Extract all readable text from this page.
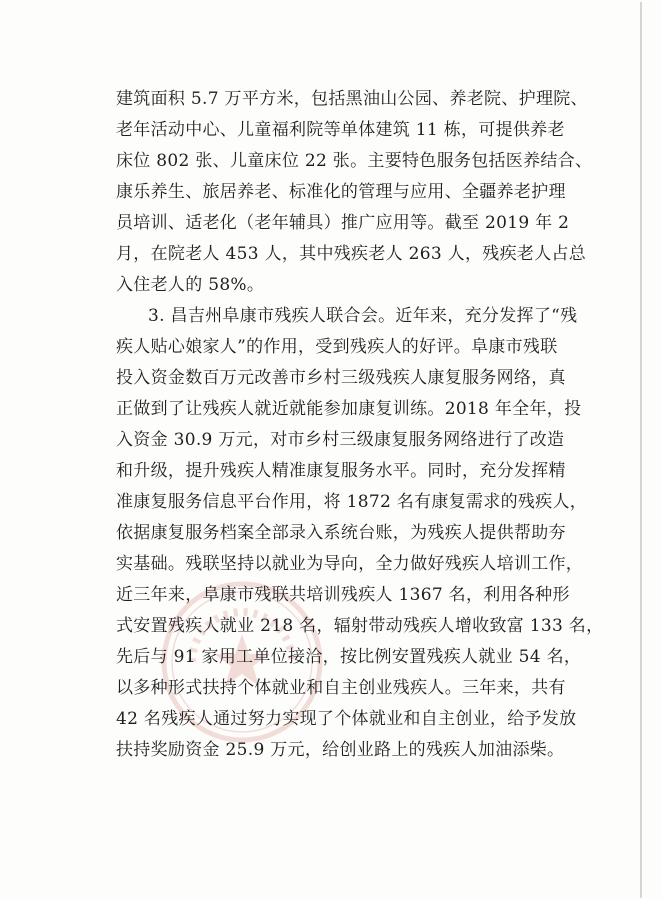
建筑面积 5.7 万平方米，包括黑油山公园、养老院、护理院、
老年活动中心、儿童福利院等单体建筑 11 栋，可提供养老
床位 802 张、儿童床位 22 张。主要特色服务包括医养结合、
康乐养生、旅居养老、标准化的管理与应用、全疆养老护理
员培训、适老化（老年辅具）推广应用等。截至 2019 年 2
月，在院老人 453 人，其中残疾老人 263 人，残疾老人占总
入住老人的 58%。
3. 昌吉州阜康市残疾人联合会。近年来，充分发挥了“残
疾人贴心娘家人”的作用，受到残疾人的好评。阜康市残联
投入资金数百万元改善市乡村三级残疾人康复服务网络，真
正做到了让残疾人就近就能参加康复训练。2018 年全年，投
入资金 30.9 万元，对市乡村三级康复服务网络进行了改造
和升级，提升残疾人精准康复服务水平。同时，充分发挥精
准康复服务信息平台作用，将 1872 名有康复需求的残疾人，
依据康复服务档案全部录入系统台账，为残疾人提供帮助夯
实基础。残联坚持以就业为导向，全力做好残疾人培训工作，
近三年来，阜康市残联共培训残疾人 1367 名，利用各种形
式安置残疾人就业 218 名，辐射带动残疾人增收致富 133 名，
先后与 91 家用工单位接洽，按比例安置残疾人就业 54 名，
以多种形式扶持个体就业和自主创业残疾人。三年来，共有
42 名残疾人通过努力实现了个体就业和自主创业，给予发放
扶持奖励资金 25.9 万元，给创业路上的残疾人加油添柴。
